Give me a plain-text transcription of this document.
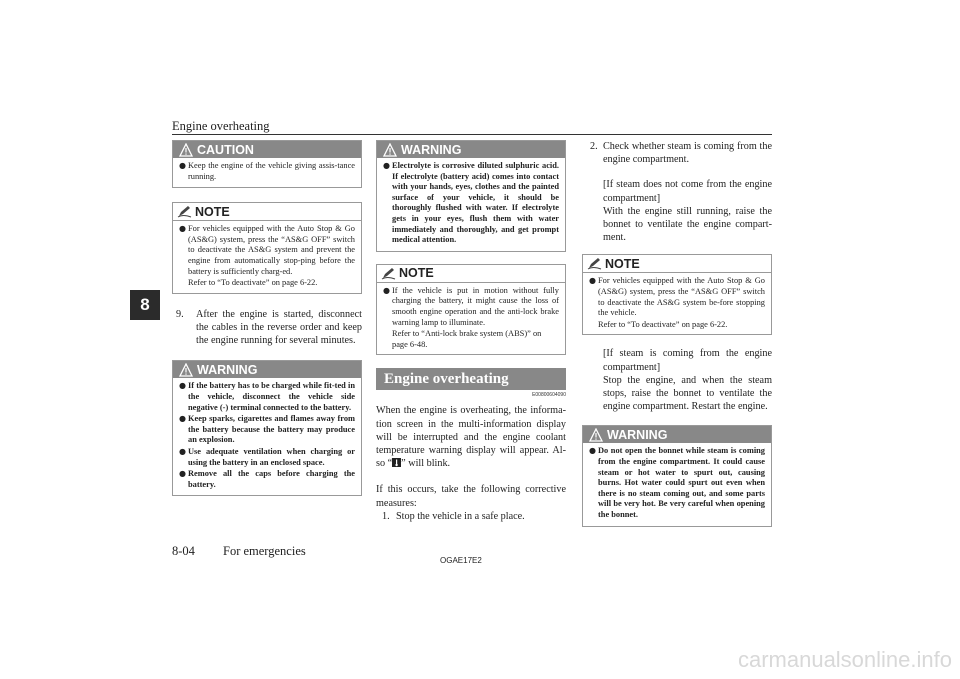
Engine overheating
8
CAUTION
● Keep the engine of the vehicle giving assis-tance running.
NOTE
● For vehicles equipped with the Auto Stop & Go (AS&G) system, press the “AS&G OFF” switch to deactivate the AS&G system and prevent the engine from automatically stop-ping before the battery is sufficiently charg-ed.
Refer to “To deactivate” on page 6-22.
9.	After the engine is started, disconnect the cables in the reverse order and keep the engine running for several minutes.
WARNING
● If the battery has to be charged while fit-ted in the vehicle, disconnect the vehicle side negative (-) terminal connected to the battery.
● Keep sparks, cigarettes and flames away from the battery because the battery may produce an explosion.
● Use adequate ventilation when charging or using the battery in an enclosed space.
● Remove all the caps before charging the battery.
WARNING
● Electrolyte is corrosive diluted sulphuric acid. If electrolyte (battery acid) comes into contact with your hands, eyes, clothes and the painted surface of your vehicle, it should be thoroughly flushed with water. If electrolyte gets in your eyes, flush them with water immediately and thoroughly, and get prompt medical attention.
NOTE
● If the vehicle is put in motion without fully charging the battery, it might cause the loss of smooth engine operation and the anti-lock brake warning lamp to illuminate.
Refer to “Anti-lock brake system (ABS)” on page 6-48.
Engine overheating
E00800604090
When the engine is overheating, the informa-tion screen in the multi-information display will be interrupted and the engine coolant temperature warning display will appear. Al-so “ ” will blink.
If this occurs, take the following corrective measures:
1. Stop the vehicle in a safe place.
2. Check whether steam is coming from the engine compartment.
[If steam does not come from the engine compartment]
With the engine still running, raise the bonnet to ventilate the engine compart-ment.
NOTE
● For vehicles equipped with the Auto Stop & Go (AS&G) system, press the “AS&G OFF” switch to deactivate the AS&G system be-fore stopping the vehicle.
Refer to “To deactivate” on page 6-22.
[If steam is coming from the engine compartment]
Stop the engine, and when the steam stops, raise the bonnet to ventilate the engine compartment. Restart the engine.
WARNING
● Do not open the bonnet while steam is coming from the engine compartment. It could cause steam or hot water to spurt out, causing burns. Hot water could spurt out even when there is no steam coming out, and some parts will be very hot. Be very careful when opening the bonnet.
8-04 For emergencies
OGAE17E2
carmanualsonline.info
